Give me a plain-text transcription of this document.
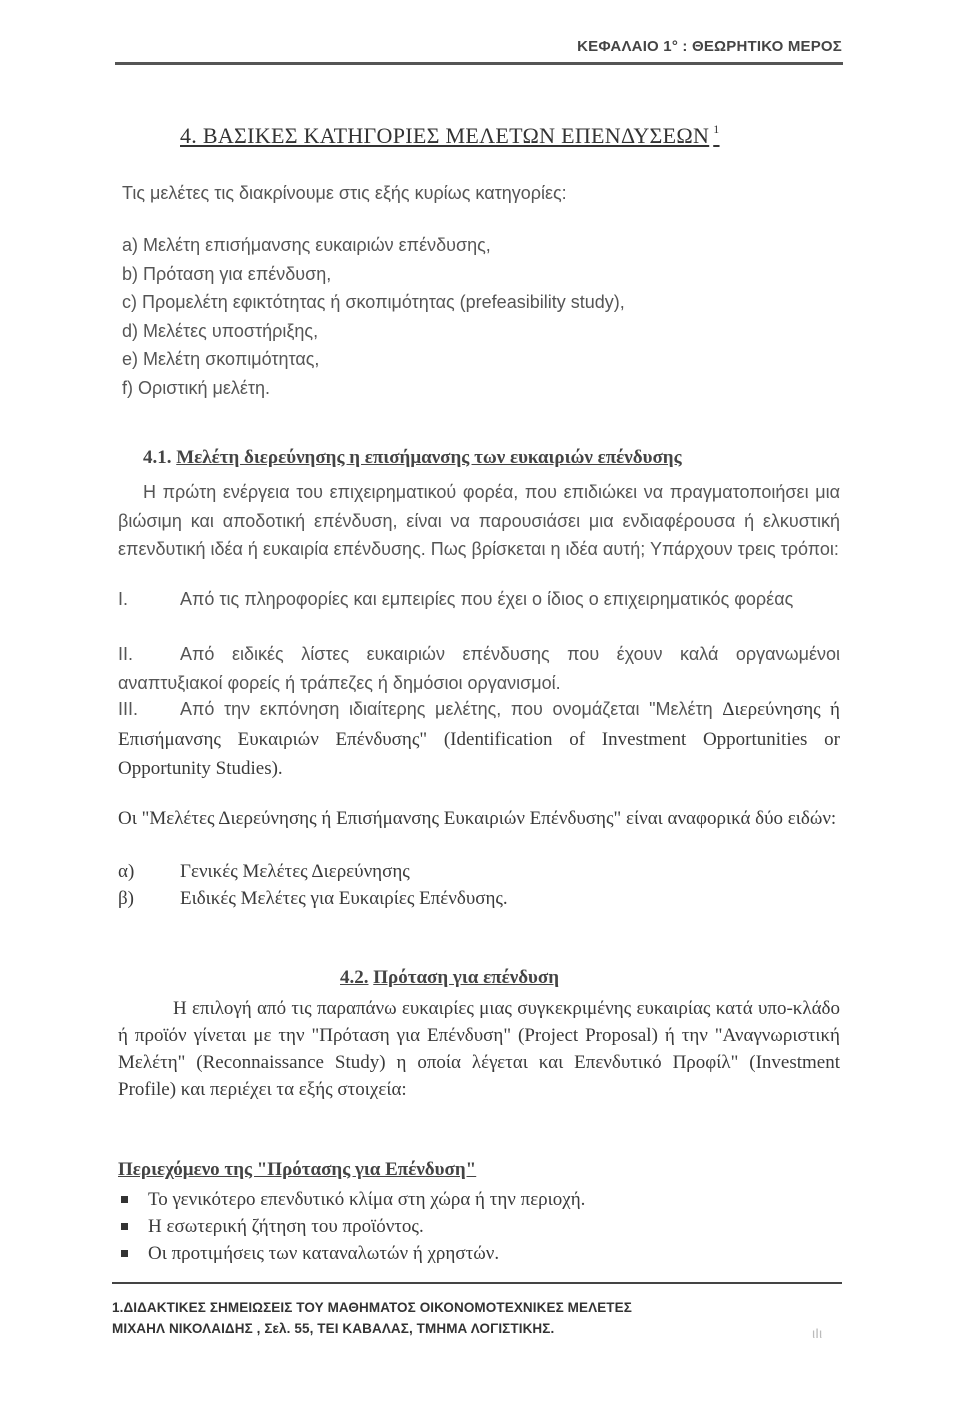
ΚΕΦΑΛΑΙΟ 1° : ΘΕΩΡΗΤΙΚΟ ΜΕΡΟΣ
4. ΒΑΣΙΚΕΣ ΚΑΤΗΓΟΡΙΕΣ ΜΕΛΕΤΩΝ ΕΠΕΝΔΥΣΕΩΝ $^1$
Τις μελέτες τις διακρίνουμε στις εξής κυρίως κατηγορίες:
a) Μελέτη επισήμανσης ευκαιριών επένδυσης,
b) Πρόταση για επένδυση,
c) Προμελέτη εφικτότητας ή σκοπιμότητας (prefeasibility study),
d) Μελέτες υποστήριξης,
e) Μελέτη σκοπιμότητας,
f) Οριστική μελέτη.
4.1. Μελέτη διερεύνησης η επισήμανσης των ευκαιριών επένδυσης
Η πρώτη ενέργεια του επιχειρηματικού φορέα, που επιδιώκει να πραγματοποιήσει μια βιώσιμη και αποδοτική επένδυση, είναι να παρουσιάσει μια ενδιαφέρουσα ή ελκυστική επενδυτική ιδέα ή ευκαιρία επένδυσης. Πως βρίσκεται η ιδέα αυτή; Υπάρχουν τρεις τρόποι:
I.	Από τις πληροφορίες και εμπειρίες που έχει ο ίδιος ο επιχειρηματικός φορέας
II.	Από ειδικές λίστες ευκαιριών επένδυσης που έχουν καλά οργανωμένοι αναπτυξιακοί φορείς ή τράπεζες ή δημόσιοι οργανισμοί.
III. Από την εκπόνηση ιδιαίτερης μελέτης, που ονομάζεται "Μελέτη Διερεύνησης ή Επισήμανσης Ευκαιριών Επένδυσης" (Identification of Investment Opportunities or Opportunity Studies).
Οι "Μελέτες Διερεύνησης ή Επισήμανσης Ευκαιριών Επένδυσης" είναι αναφορικά δύο ειδών:
α) Γενικές Μελέτες Διερεύνησης
β) Ειδικές Μελέτες για Ευκαιρίες Επένδυσης.
4.2. Πρόταση για επένδυση
Η επιλογή από τις παραπάνω ευκαιρίες μιας συγκεκριμένης ευκαιρίας κατά υπο-κλάδο ή προϊόν γίνεται με την "Πρόταση για Επένδυση" (Project Proposal) ή την "Αναγνωριστική Μελέτη" (Reconnaissance Study) η οποία λέγεται και Επενδυτικό Προφίλ" (Investment Profile) και περιέχει τα εξής στοιχεία:
Περιεχόμενο της "Πρότασης για Επένδυση"
Το γενικότερο επενδυτικό κλίμα στη χώρα ή την περιοχή.
Η εσωτερική ζήτηση του προϊόντος.
Οι προτιμήσεις των καταναλωτών ή χρηστών.
1.ΔΙΔΑΚΤΙΚΕΣ ΣΗΜΕΙΩΣΕΙΣ ΤΟΥ ΜΑΘΗΜΑΤΟΣ ΟΙΚΟΝΟΜΟΤΕΧΝΙΚΕΣ ΜΕΛΕΤΕΣ
ΜΙΧΑΗΛ ΝΙΚΟΛΑΙΔΗΣ , Σελ. 55, ΤΕΙ ΚΑΒΑΛΑΣ, ΤΜΗΜΑ ΛΟΓΙΣΤΙΚΗΣ.	ιΙι
